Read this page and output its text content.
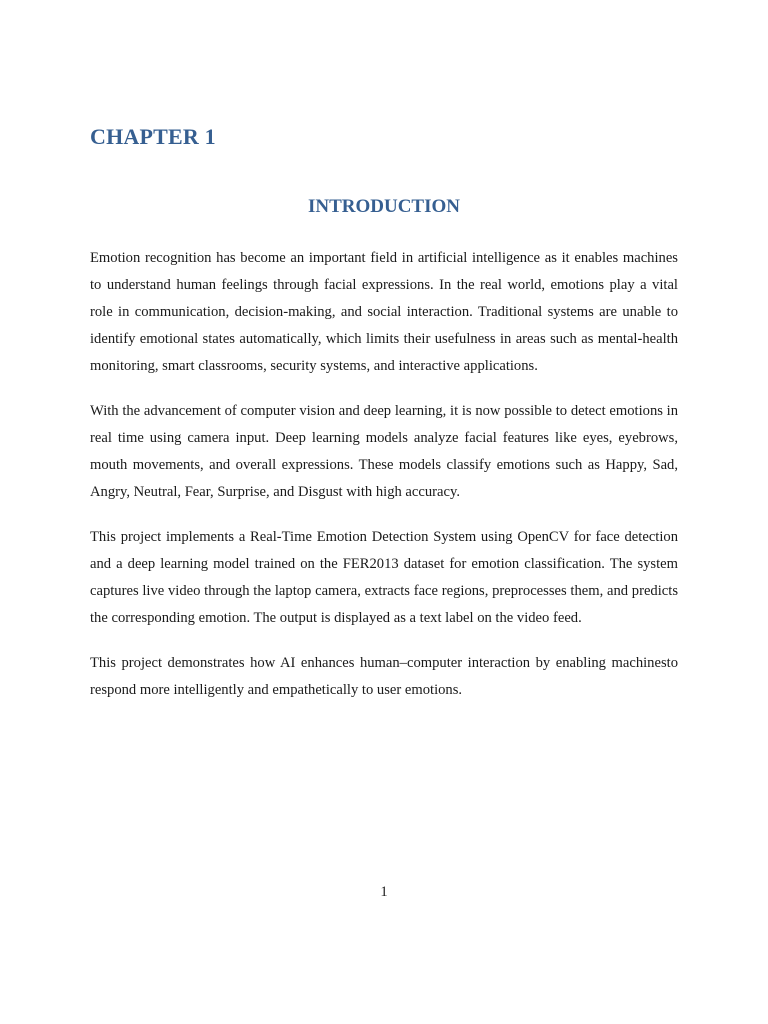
CHAPTER 1
INTRODUCTION

Emotion recognition has become an important field in artificial intelligence as it enables machines to understand human feelings through facial expressions. In the real world, emotions play a vital role in communication, decision-making, and social interaction. Traditional systems are unable to identify emotional states automatically, which limits their usefulness in areas such as mental-health monitoring, smart classrooms, security systems, and interactive applications.

With the advancement of computer vision and deep learning, it is now possible to detect emotions in real time using camera input. Deep learning models analyze facial features like eyes, eyebrows, mouth movements, and overall expressions. These models classify emotions such as Happy, Sad, Angry, Neutral, Fear, Surprise, and Disgust with high accuracy.

This project implements a Real-Time Emotion Detection System using OpenCV for face detection and a deep learning model trained on the FER2013 dataset for emotion classification. The system captures live video through the laptop camera, extracts face regions, preprocesses them, and predicts the corresponding emotion. The output is displayed as a text label on the video feed.

This project demonstrates how AI enhances human–computer interaction by enabling machinesto respond more intelligently and empathetically to user emotions.

1
